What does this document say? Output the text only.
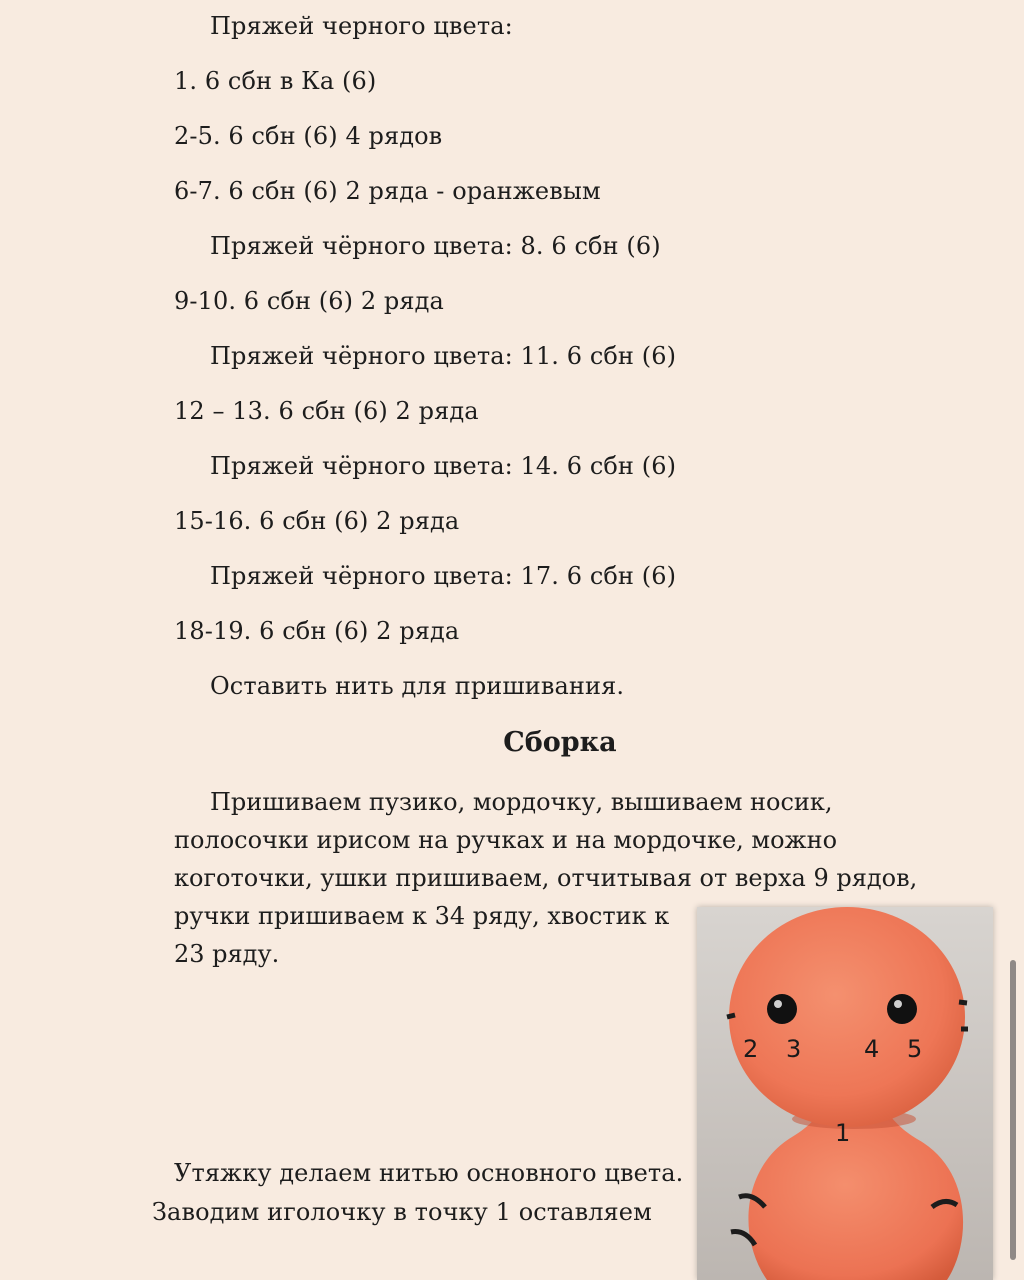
Пряжей черного цвета:
1. 6 сбн в Ка (6)
2-5. 6 сбн (6) 4 рядов
6-7. 6 сбн (6) 2 ряда - оранжевым
Пряжей чёрного цвета: 8. 6 сбн (6)
9-10. 6 сбн (6) 2 ряда
Пряжей чёрного цвета: 11. 6 сбн (6)
12 – 13. 6 сбн (6) 2 ряда
Пряжей чёрного цвета: 14. 6 сбн (6)
15-16. 6 сбн (6) 2 ряда
Пряжей чёрного цвета: 17. 6 сбн (6)
18-19. 6 сбн (6) 2 ряда
Оставить нить для пришивания.
Сборка
Пришиваем пузико, мордочку, вышиваем носик,
полосочки ирисом на ручках и на мордочке, можно
коготочки, ушки пришиваем, отчитывая от верха 9 рядов,
ручки пришиваем к 34 ряду, хвостик к
23 ряду.
Утяжку делаем нитью основного цвета.
Заводим иголочку в точку 1 оставляем
2 3	4 5
1
